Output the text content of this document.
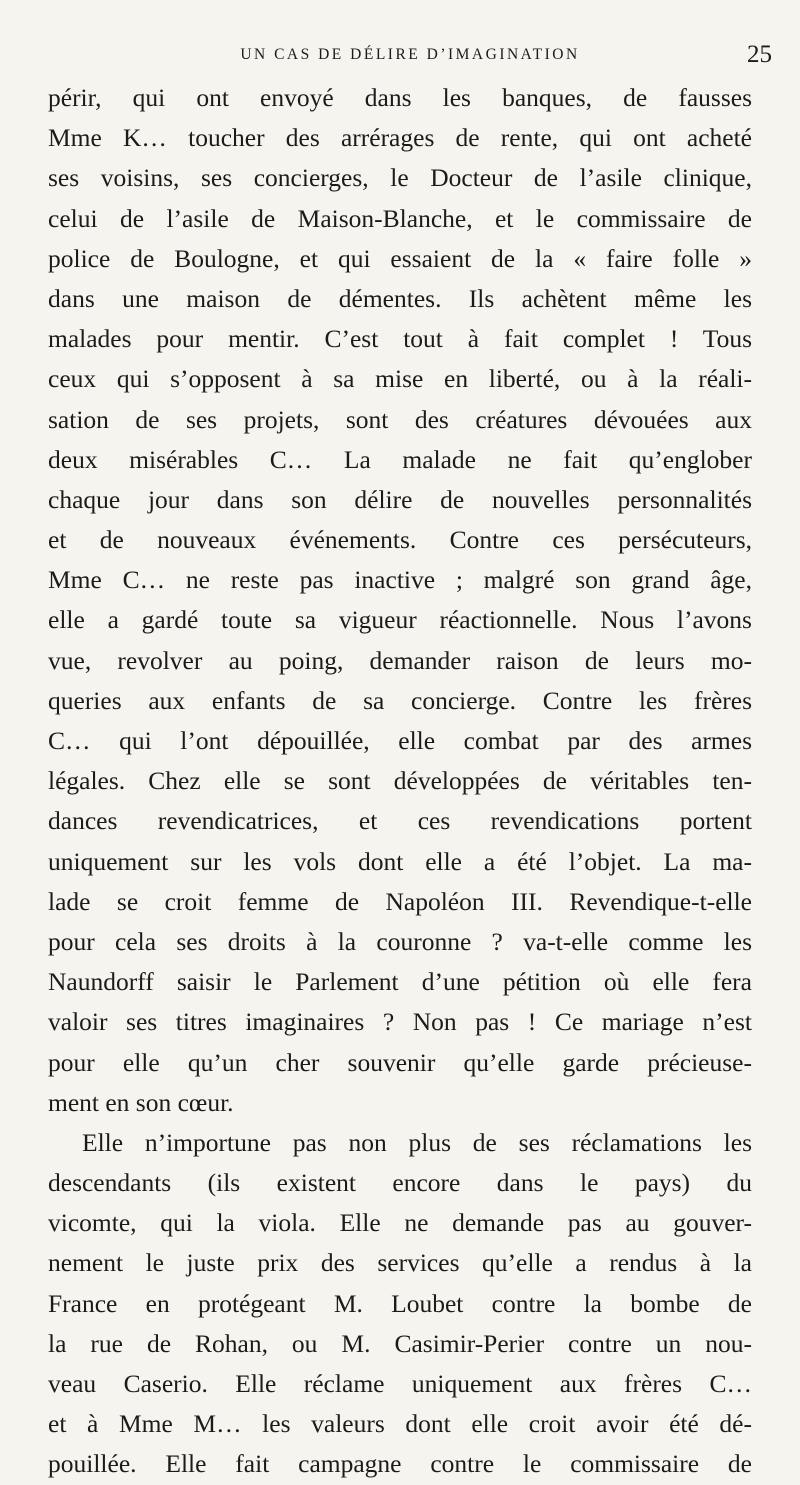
UN CAS DE DÉLIRE D’IMAGINATION	25
périr, qui ont envoyé dans les banques, de fausses
Mme K… toucher des arrérages de rente, qui ont acheté
ses voisins, ses concierges, le Docteur de l’asile clinique,
celui de l’asile de Maison-Blanche, et le commissaire de
police de Boulogne, et qui essaient de la « faire folle »
dans une maison de démentes. Ils achètent même les
malades pour mentir. C’est tout à fait complet ! Tous
ceux qui s’opposent à sa mise en liberté, ou à la réali-
sation de ses projets, sont des créatures dévouées aux
deux misérables C… La malade ne fait qu’englober
chaque jour dans son délire de nouvelles personnalités
et de nouveaux événements. Contre ces persécuteurs,
Mme C… ne reste pas inactive ; malgré son grand âge,
elle a gardé toute sa vigueur réactionnelle. Nous l’avons
vue, revolver au poing, demander raison de leurs mo-
queries aux enfants de sa concierge. Contre les frères
C… qui l’ont dépouillée, elle combat par des armes
légales. Chez elle se sont développées de véritables ten-
dances revendicatrices, et ces revendications portent
uniquement sur les vols dont elle a été l’objet. La ma-
lade se croit femme de Napoléon III. Revendique-t-elle
pour cela ses droits à la couronne ? va-t-elle comme les
Naundorff saisir le Parlement d’une pétition où elle fera
valoir ses titres imaginaires ? Non pas ! Ce mariage n’est
pour elle qu’un cher souvenir qu’elle garde précieuse-
ment en son cœur.
Elle n’importune pas non plus de ses réclamations les
descendants (ils existent encore dans le pays) du
vicomte, qui la viola. Elle ne demande pas au gouver-
nement le juste prix des services qu’elle a rendus à la
France en protégeant M. Loubet contre la bombe de
la rue de Rohan, ou M. Casimir-Perier contre un nou-
veau Caserio. Elle réclame uniquement aux frères C…
et à Mme M… les valeurs dont elle croit avoir été dé-
pouillée. Elle fait campagne contre le commissaire de
